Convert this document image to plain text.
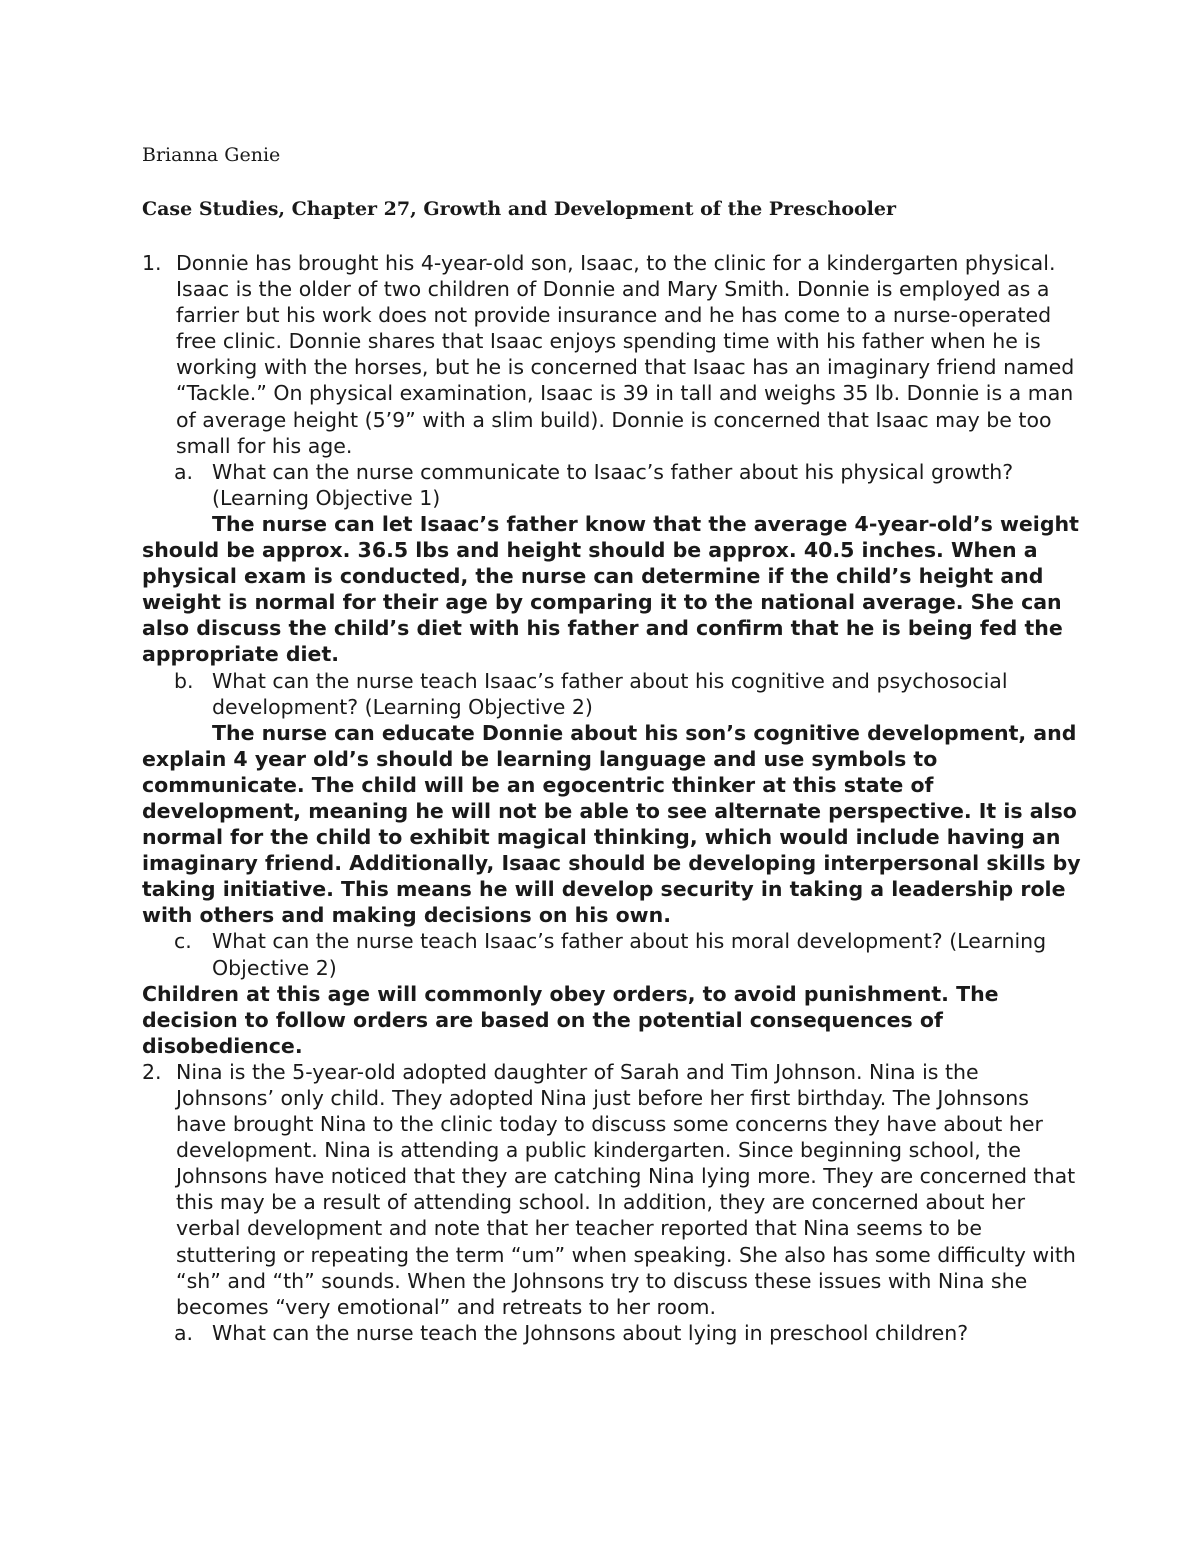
Brianna Genie
Case Studies, Chapter 27, Growth and Development of the Preschooler
1. Donnie has brought his 4-year-old son, Isaac, to the clinic for a kindergarten physical. Isaac is the older of two children of Donnie and Mary Smith. Donnie is employed as a farrier but his work does not provide insurance and he has come to a nurse-operated free clinic. Donnie shares that Isaac enjoys spending time with his father when he is working with the horses, but he is concerned that Isaac has an imaginary friend named “Tackle.” On physical examination, Isaac is 39 in tall and weighs 35 lb. Donnie is a man of average height (5’9” with a slim build). Donnie is concerned that Isaac may be too small for his age.
a. What can the nurse communicate to Isaac’s father about his physical growth? (Learning Objective 1)
The nurse can let Isaac’s father know that the average 4-year-old’s weight should be approx. 36.5 lbs and height should be approx. 40.5 inches. When a physical exam is conducted, the nurse can determine if the child’s height and weight is normal for their age by comparing it to the national average. She can also discuss the child’s diet with his father and confirm that he is being fed the appropriate diet.
b. What can the nurse teach Isaac’s father about his cognitive and psychosocial development? (Learning Objective 2)
The nurse can educate Donnie about his son’s cognitive development, and explain 4 year old’s should be learning language and use symbols to communicate. The child will be an egocentric thinker at this state of development, meaning he will not be able to see alternate perspective. It is also normal for the child to exhibit magical thinking, which would include having an imaginary friend. Additionally, Isaac should be developing interpersonal skills by taking initiative. This means he will develop security in taking a leadership role with others and making decisions on his own.
c. What can the nurse teach Isaac’s father about his moral development? (Learning Objective 2)
Children at this age will commonly obey orders, to avoid punishment. The decision to follow orders are based on the potential consequences of disobedience.
2. Nina is the 5-year-old adopted daughter of Sarah and Tim Johnson. Nina is the Johnsons’ only child. They adopted Nina just before her first birthday. The Johnsons have brought Nina to the clinic today to discuss some concerns they have about her development. Nina is attending a public kindergarten. Since beginning school, the Johnsons have noticed that they are catching Nina lying more. They are concerned that this may be a result of attending school. In addition, they are concerned about her verbal development and note that her teacher reported that Nina seems to be stuttering or repeating the term “um” when speaking. She also has some difficulty with “sh” and “th” sounds. When the Johnsons try to discuss these issues with Nina she becomes “very emotional” and retreats to her room.
a. What can the nurse teach the Johnsons about lying in preschool children?
